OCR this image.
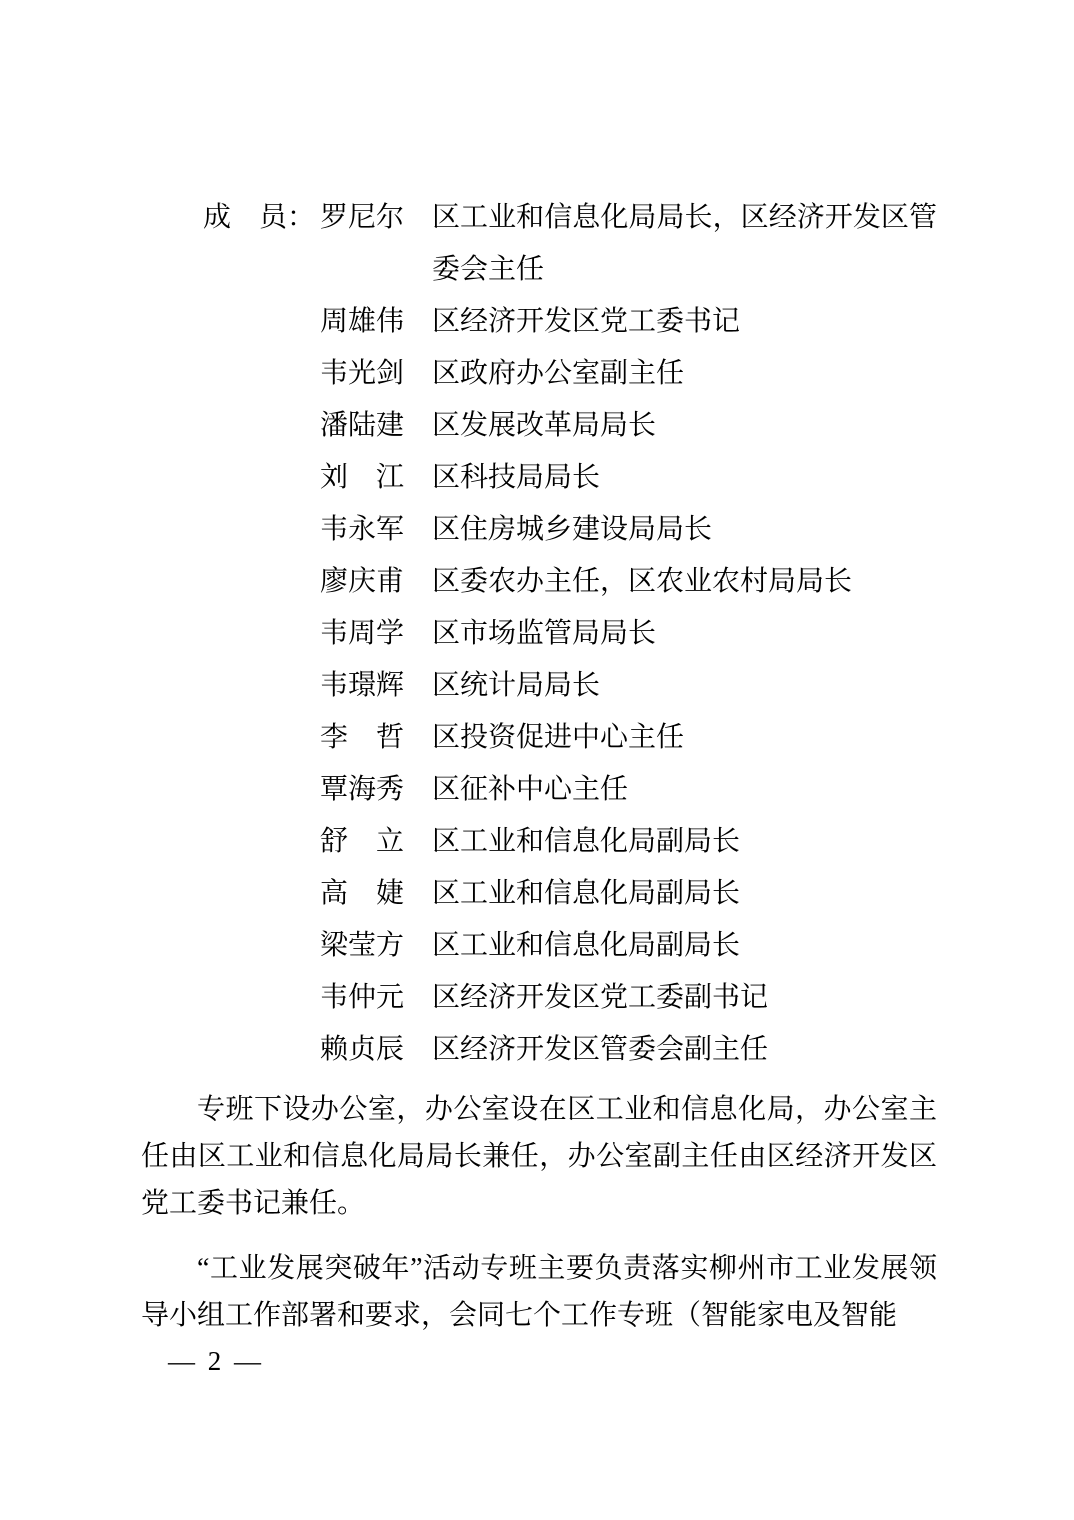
成　员： 罗尼尔 区工业和信息化局局长，区经济开发区管委会主任
周雄伟 区经济开发区党工委书记
韦光剑 区政府办公室副主任
潘陆建 区发展改革局局长
刘　江 区科技局局长
韦永军 区住房城乡建设局局长
廖庆甫 区委农办主任，区农业农村局局长
韦周学 区市场监管局局长
韦璟辉 区统计局局长
李　哲 区投资促进中心主任
覃海秀 区征补中心主任
舒　立 区工业和信息化局副局长
高　婕 区工业和信息化局副局长
梁莹方 区工业和信息化局副局长
韦仲元 区经济开发区党工委副书记
赖贞辰 区经济开发区管委会副主任

专班下设办公室，办公室设在区工业和信息化局，办公室主任由区工业和信息化局局长兼任，办公室副主任由区经济开发区党工委书记兼任。

“工业发展突破年”活动专班主要负责落实柳州市工业发展领导小组工作部署和要求，会同七个工作专班（智能家电及智能

— 2 —
